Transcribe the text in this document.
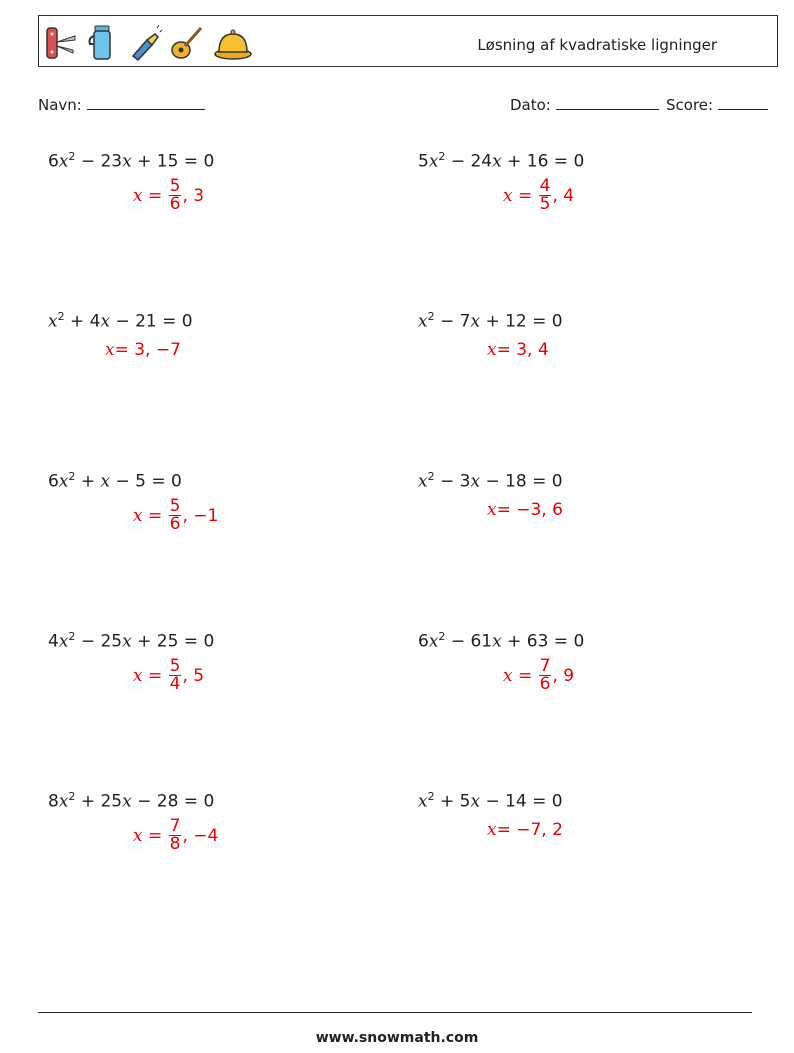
Løsning af kvadratiske ligninger
Navn:	Dato:	Score:
$6x^2 - 23x + 15 = 0$
$x = \frac{5}{6}$ , 3
$5x^2 - 24x + 16 = 0$
$x = \frac{4}{5}$ , 4
$x^2 + 4x - 21 = 0$
x = 3, −7
$x^2 - 7x + 12 = 0$
x = 3, 4
$6x^2 + x - 5 = 0$
$x = \frac{5}{6}$ , −1
$x^2 - 3x - 18 = 0$
x = −3, 6
$4x^2 - 25x + 25 = 0$
$x = \frac{5}{4}$ , 5
$6x^2 - 61x + 63 = 0$
$x = \frac{7}{6}$ , 9
$8x^2 + 25x - 28 = 0$
$x = \frac{7}{8}$ , −4
$x^2 + 5x - 14 = 0$
x = −7, 2
www.snowmath.com
